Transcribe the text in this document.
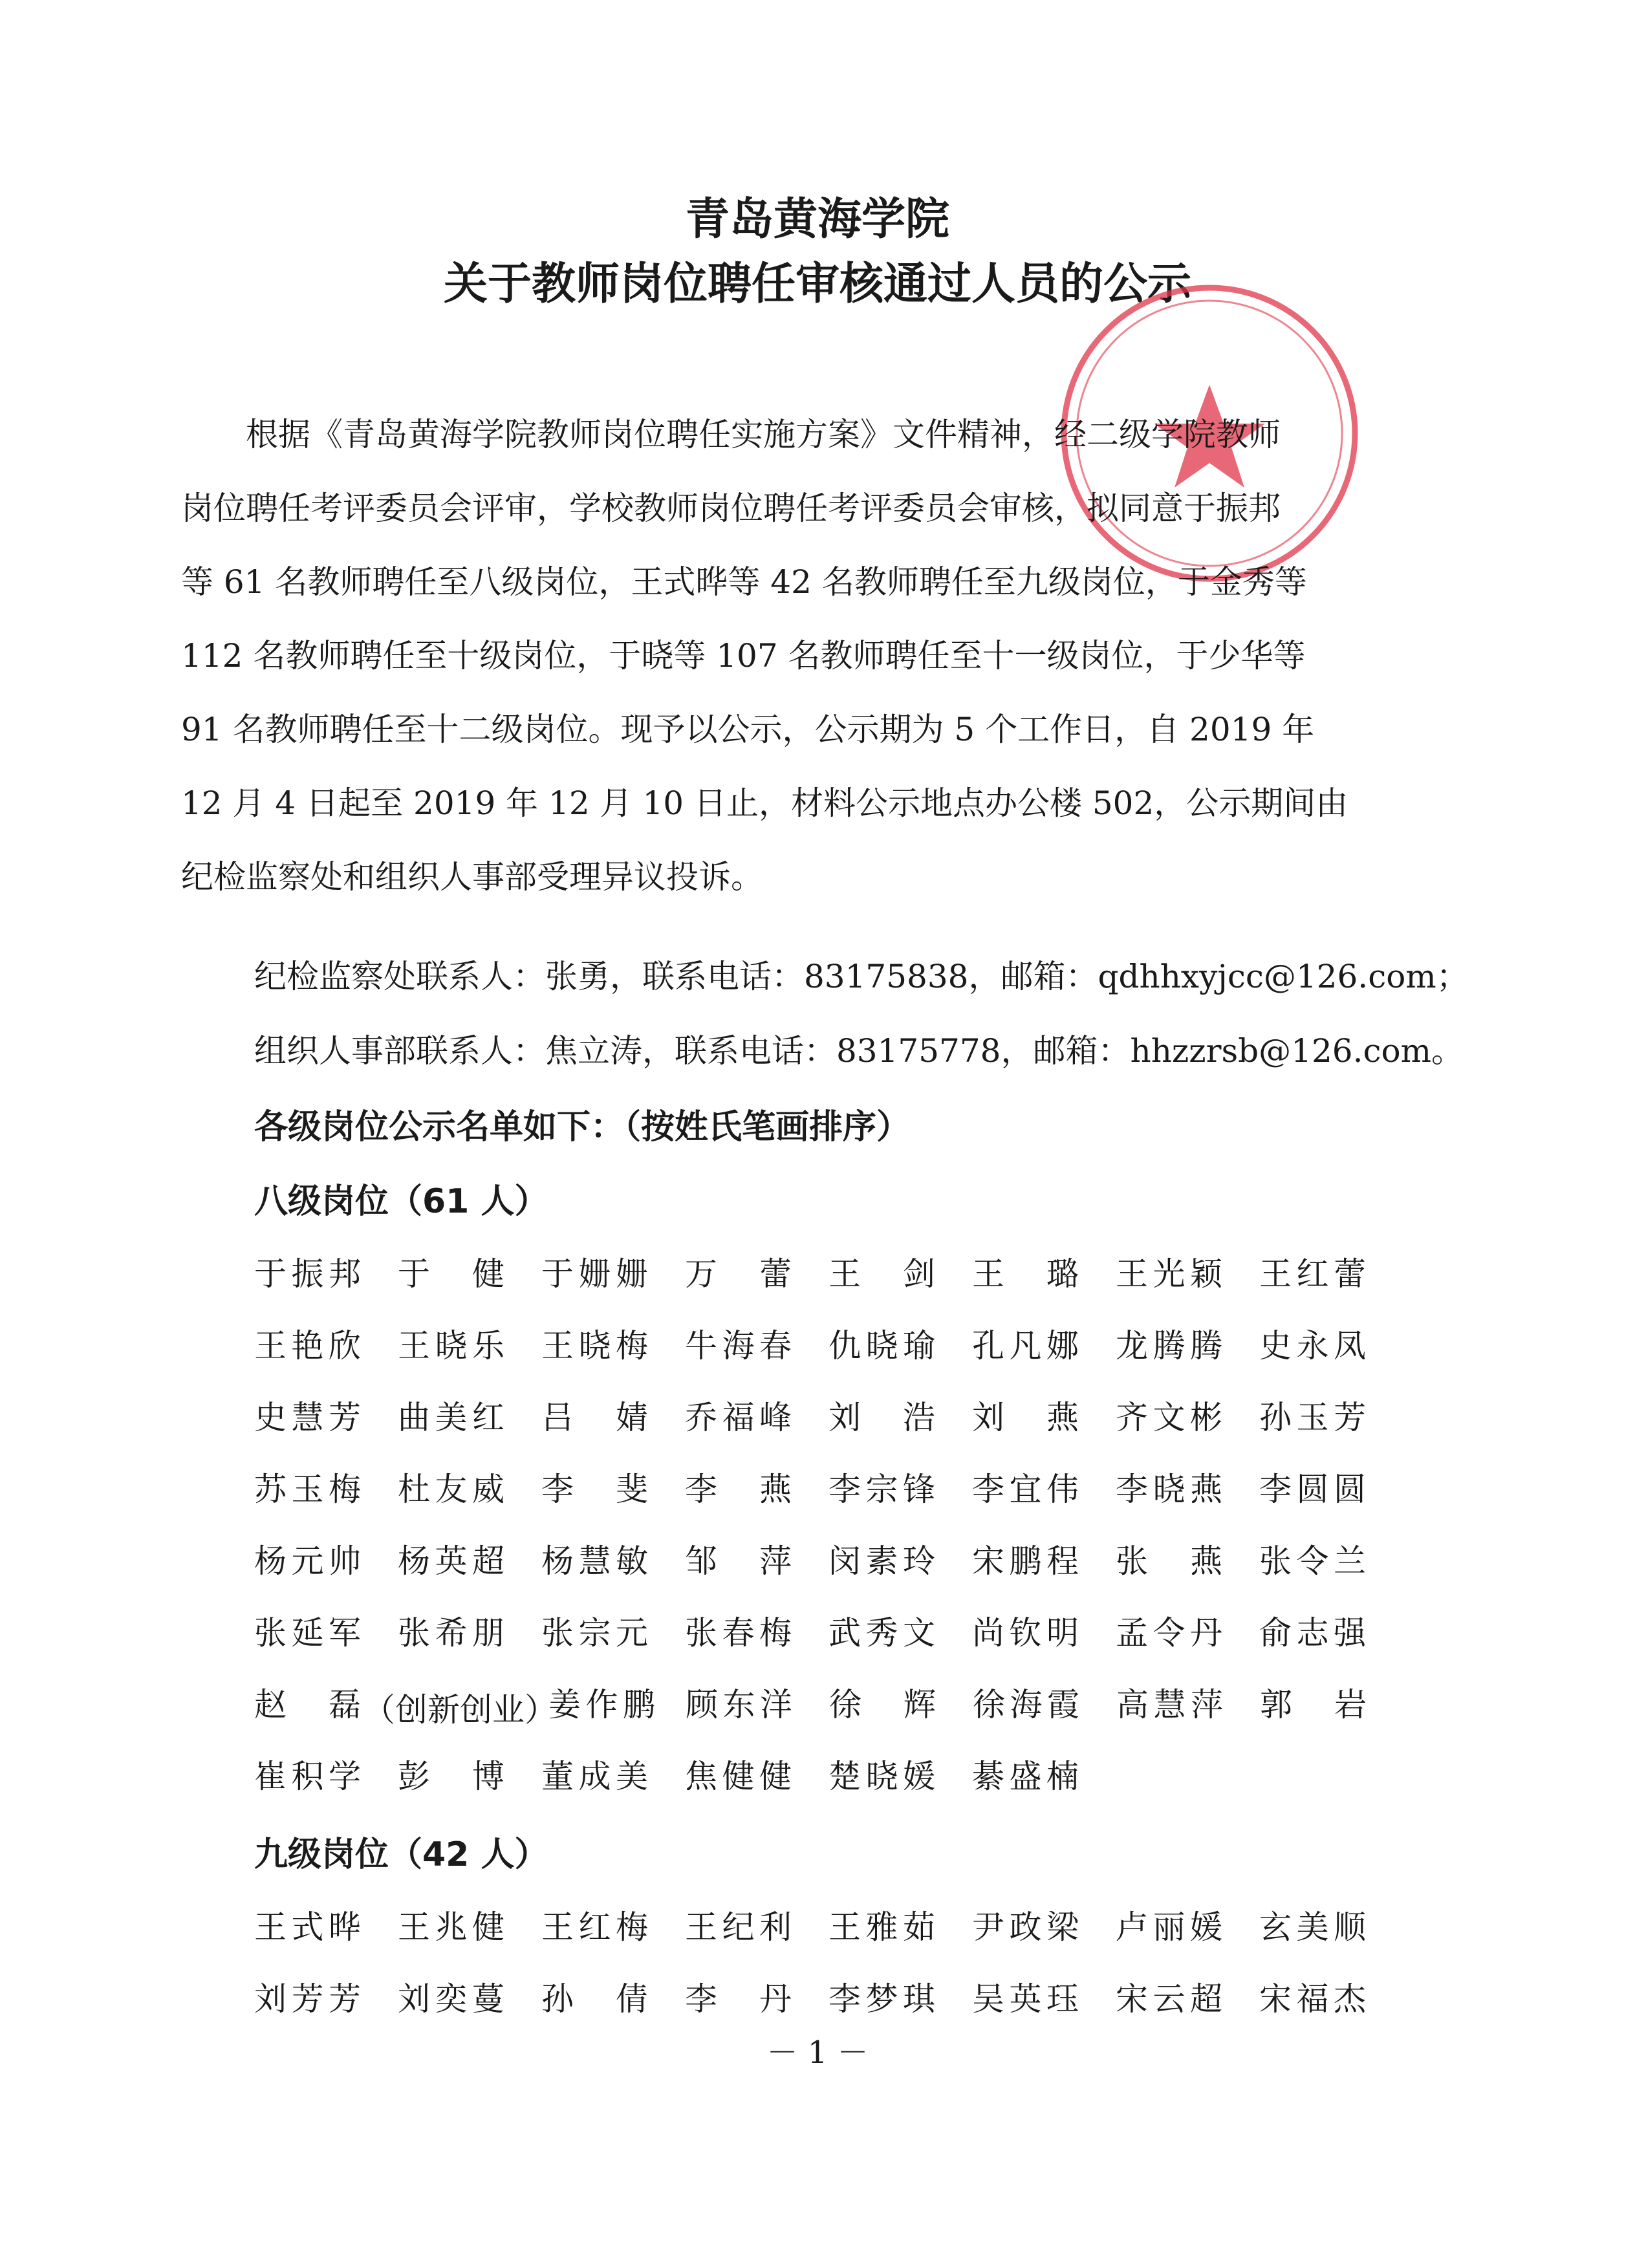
青岛黄海学院
关于教师岗位聘任审核通过人员的公示

　　根据《青岛黄海学院教师岗位聘任实施方案》文件精神，经二级学院教师
岗位聘任考评委员会评审，学校教师岗位聘任考评委员会审核，拟同意于振邦
等 61 名教师聘任至八级岗位，王式晔等 42 名教师聘任至九级岗位，于金秀等
112 名教师聘任至十级岗位，于晓等 107 名教师聘任至十一级岗位，于少华等
91 名教师聘任至十二级岗位。现予以公示，公示期为 5 个工作日，自 2019 年
12 月 4 日起至 2019 年 12 月 10 日止，材料公示地点办公楼 502，公示期间由
纪检监察处和组织人事部受理异议投诉。

纪检监察处联系人：张勇，联系电话：83175838，邮箱：qdhhxyjcc@126.com；
组织人事部联系人：焦立涛，联系电话：83175778，邮箱：hhzzrsb@126.com。
各级岗位公示名单如下：（按姓氏笔画排序）
八级岗位（61 人）
于振邦 于健 于姗姗 万蕾 王剑 王璐 王光颖 王红蕾
王艳欣 王晓乐 王晓梅 牛海春 仇晓瑜 孔凡娜 龙腾腾 史永凤
史慧芳 曲美红 吕婧 乔福峰 刘浩 刘燕 齐文彬 孙玉芳
苏玉梅 杜友威 李斐 李燕 李宗锋 李宜伟 李晓燕 李圆圆
杨元帅 杨英超 杨慧敏 邹萍 闵素玲 宋鹏程 张燕 张令兰
张延军 张希朋 张宗元 张春梅 武秀文 尚钦明 孟令丹 俞志强
赵磊 （创新创业）
姜作鹏 顾东洋 徐辉 徐海霞 高慧萍 郭岩
崔积学 彭博 董成美 焦健健 楚晓媛 綦盛楠
九级岗位（42 人）
王式晔 王兆健 王红梅 王纪利 王雅茹 尹政梁 卢丽媛 玄美顺
刘芳芳 刘奕蔓 孙倩 李丹 李梦琪 吴英珏 宋云超 宋福杰
－ 1 －
